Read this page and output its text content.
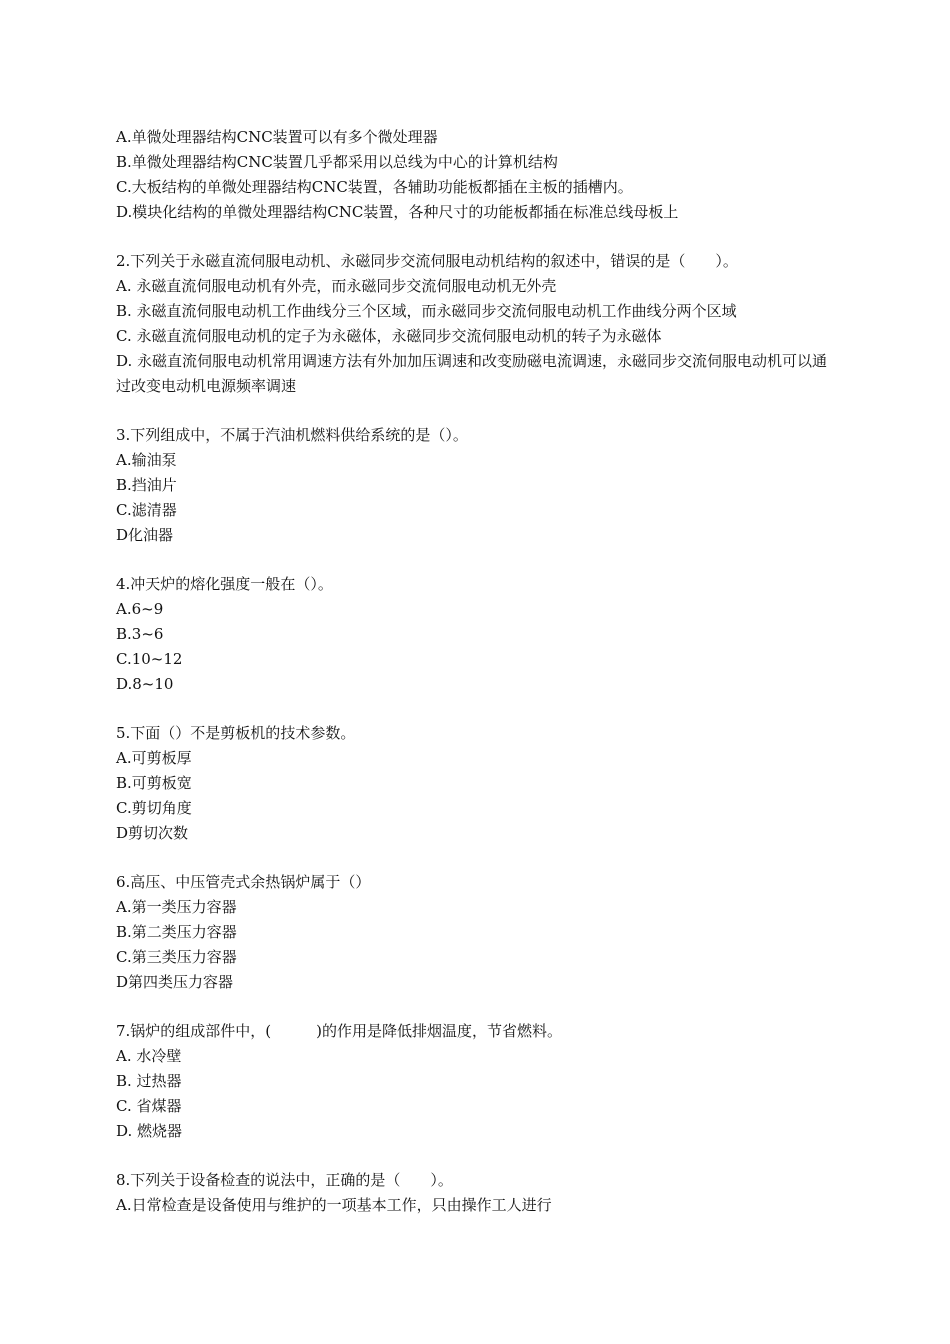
A.单微处理器结构CNC装置可以有多个微处理器

B.单微处理器结构CNC装置几乎都采用以总线为中心的计算机结构

C.大板结构的单微处理器结构CNC装置，各辅助功能板都插在主板的插槽内。

D.模块化结构的单微处理器结构CNC装置，各种尺寸的功能板都插在标准总线母板上

2.下列关于永磁直流伺服电动机、永磁同步交流伺服电动机结构的叙述中，错误的是（　　）。

A. 永磁直流伺服电动机有外壳，而永磁同步交流伺服电动机无外壳

B. 永磁直流伺服电动机工作曲线分三个区域，而永磁同步交流伺服电动机工作曲线分两个区域

C. 永磁直流伺服电动机的定子为永磁体，永磁同步交流伺服电动机的转子为永磁体

D. 永磁直流伺服电动机常用调速方法有外加加压调速和改变励磁电流调速，永磁同步交流伺服电动机可以通过改变电动机电源频率调速

3.下列组成中，不属于汽油机燃料供给系统的是（）。

A.输油泵

B.挡油片

C.滤清器

D化油器

4.冲天炉的熔化强度一般在（）。

A.6~9

B.3~6

C.10~12

D.8~10

5.下面（）不是剪板机的技术参数。

A.可剪板厚

B.可剪板宽

C.剪切角度

D剪切次数

6.高压、中压管壳式余热锅炉属于（）

A.第一类压力容器

B.第二类压力容器

C.第三类压力容器

D第四类压力容器

7.锅炉的组成部件中，(　　　)的作用是降低排烟温度，节省燃料。

A. 水冷壁

B. 过热器

C. 省煤器

D. 燃烧器

8.下列关于设备检查的说法中，正确的是（　　）。

A.日常检查是设备使用与维护的一项基本工作，只由操作工人进行
